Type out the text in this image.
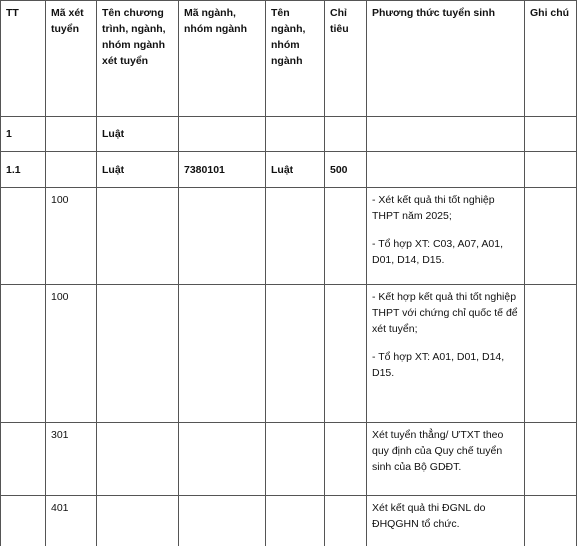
TT	Mã xét tuyển	Tên chương trình, ngành, nhóm ngành xét tuyển	Mã ngành, nhóm ngành	Tên ngành, nhóm ngành	Chỉ tiêu	Phương thức tuyển sinh	Ghi chú
1		Luật					
1.1		Luật	7380101	Luật	500		
	100					- Xét kết quả thi tốt nghiệp THPT năm 2025;

- Tổ hợp XT: C03, A07, A01, D01, D14, D15.	

	100					- Kết hợp kết quả thi tốt nghiệp THPT với chứng chỉ quốc tế để xét tuyển;

- Tổ hợp XT: A01, D01, D14, D15.	

	301					Xét tuyển thẳng/ ƯTXT theo quy định của Quy chế tuyển sinh của Bộ GDĐT.	

	401					Xét kết quả thi ĐGNL do ĐHQGHN tổ chức.	
